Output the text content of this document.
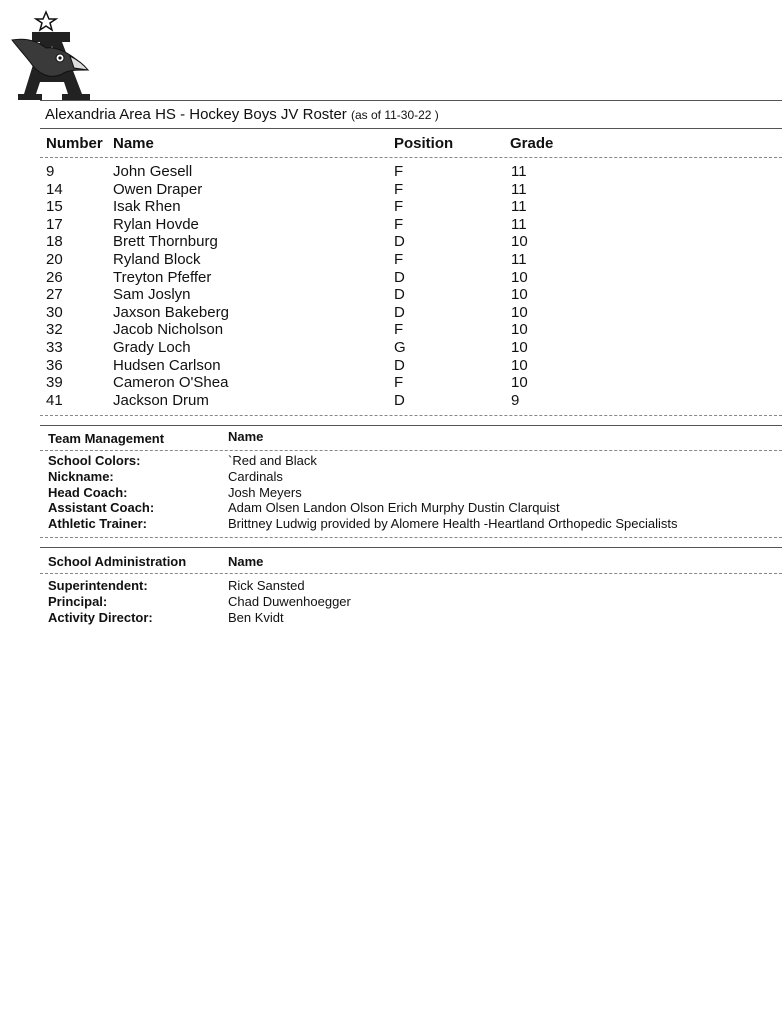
Alexandria Area HS - Hockey Boys JV Roster (as of 11-30-22 )
Number Name	Position	Grade
9	John Gesell	F	11
14	Owen Draper	F	11
15	Isak Rhen	F	11
17	Rylan Hovde	F	11
18	Brett Thornburg	D	10
20	Ryland Block	F	11
26	Treyton Pfeffer	D	10
27	Sam Joslyn	D	10
30	Jaxson Bakeberg	D	10
32	Jacob Nicholson	F	10
33	Grady Loch	G	10
36	Hudsen Carlson	D	10
39	Cameron O'Shea	F	10
41	Jackson Drum	D	9
Team Management	Name
School Colors:	`Red and Black
Nickname:	Cardinals
Head Coach:	Josh Meyers
Assistant Coach:	Adam Olsen Landon Olson Erich Murphy Dustin Clarquist
Athletic Trainer:	Brittney Ludwig provided by Alomere Health -Heartland Orthopedic Specialists
School Administration	Name
Superintendent:	Rick Sansted
Principal:	Chad Duwenhoegger
Activity Director:	Ben Kvidt
